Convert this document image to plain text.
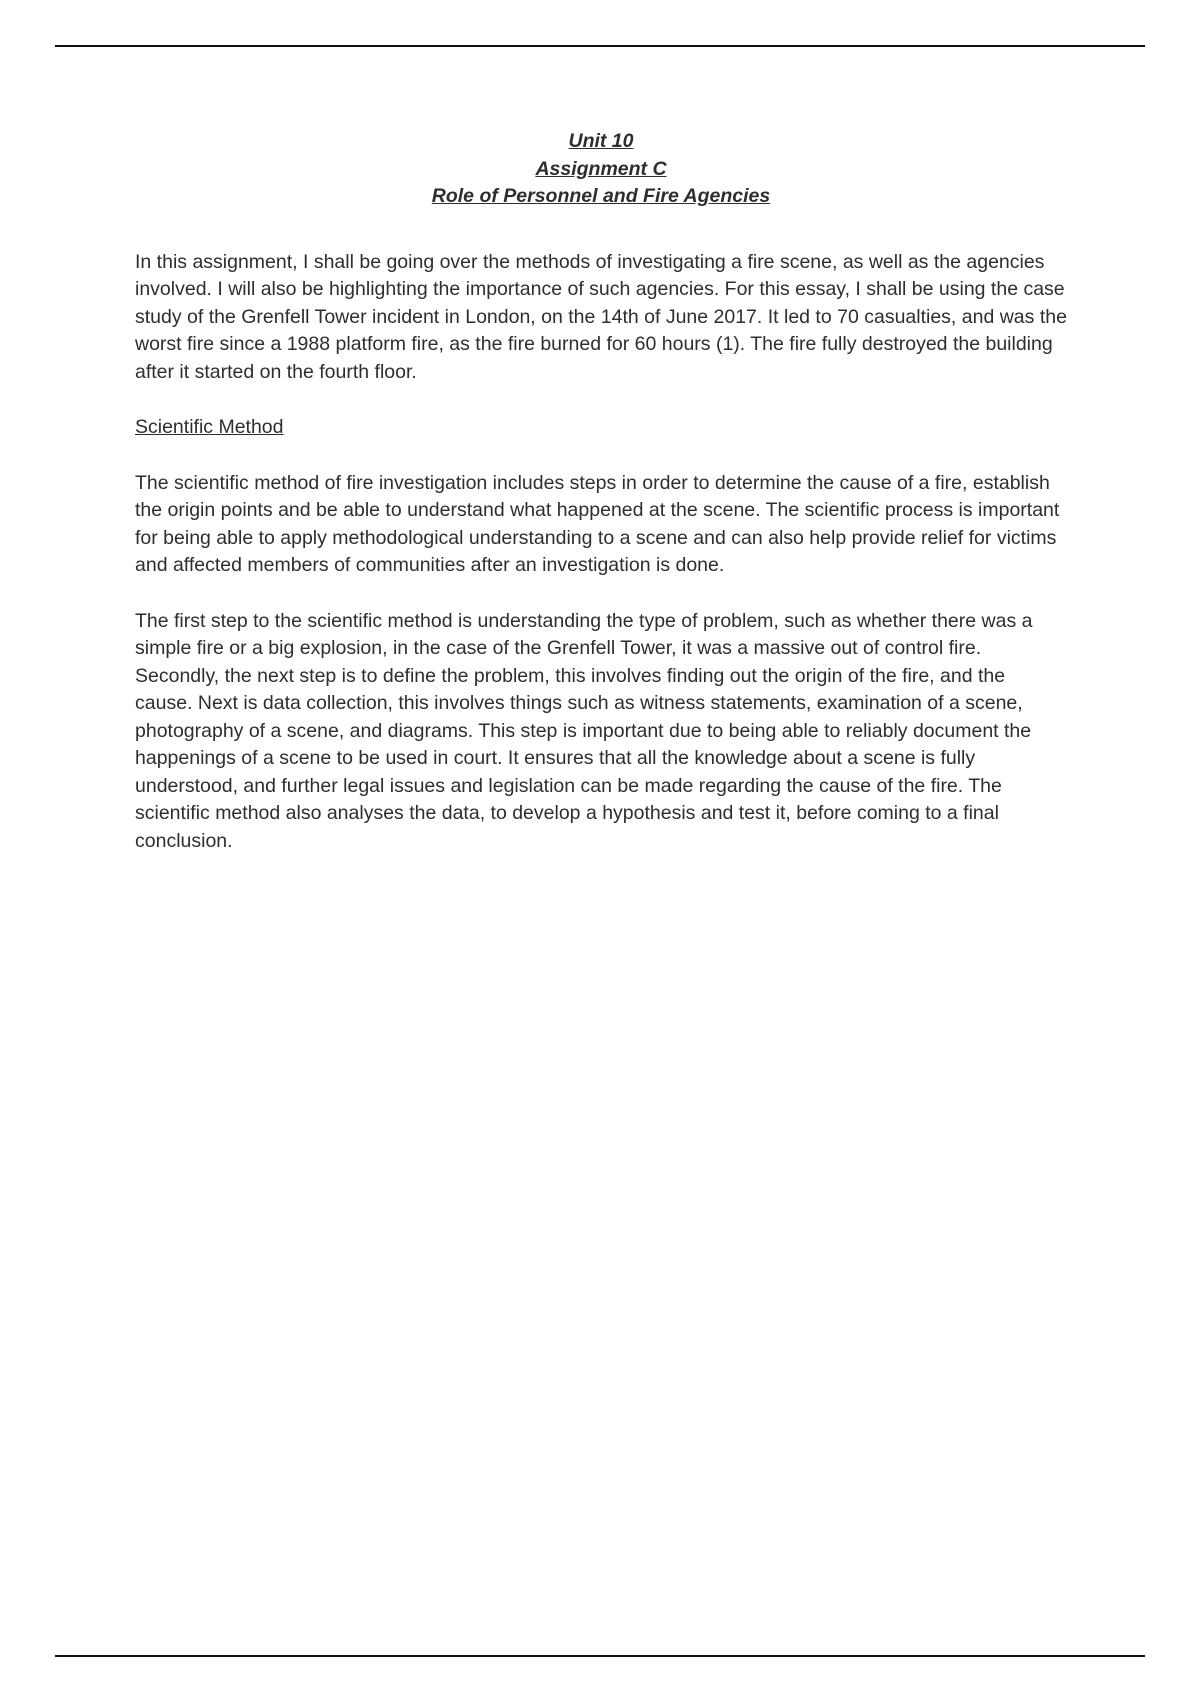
Unit 10
Assignment C
Role of Personnel and Fire Agencies

In this assignment, I shall be going over the methods of investigating a fire scene, as well as the agencies involved. I will also be highlighting the importance of such agencies. For this essay, I shall be using the case study of the Grenfell Tower incident in London, on the 14th of June 2017. It led to 70 casualties, and was the worst fire since a 1988 platform fire, as the fire burned for 60 hours (1). The fire fully destroyed the building after it started on the fourth floor.

Scientific Method

The scientific method of fire investigation includes steps in order to determine the cause of a fire, establish the origin points and be able to understand what happened at the scene. The scientific process is important for being able to apply methodological understanding to a scene and can also help provide relief for victims and affected members of communities after an investigation is done.

The first step to the scientific method is understanding the type of problem, such as whether there was a simple fire or a big explosion, in the case of the Grenfell Tower, it was a massive out of control fire. Secondly, the next step is to define the problem, this involves finding out the origin of the fire, and the cause. Next is data collection, this involves things such as witness statements, examination of a scene, photography of a scene, and diagrams. This step is important due to being able to reliably document the happenings of a scene to be used in court. It ensures that all the knowledge about a scene is fully understood, and further legal issues and legislation can be made regarding the cause of the fire. The scientific method also analyses the data, to develop a hypothesis and test it, before coming to a final conclusion.
